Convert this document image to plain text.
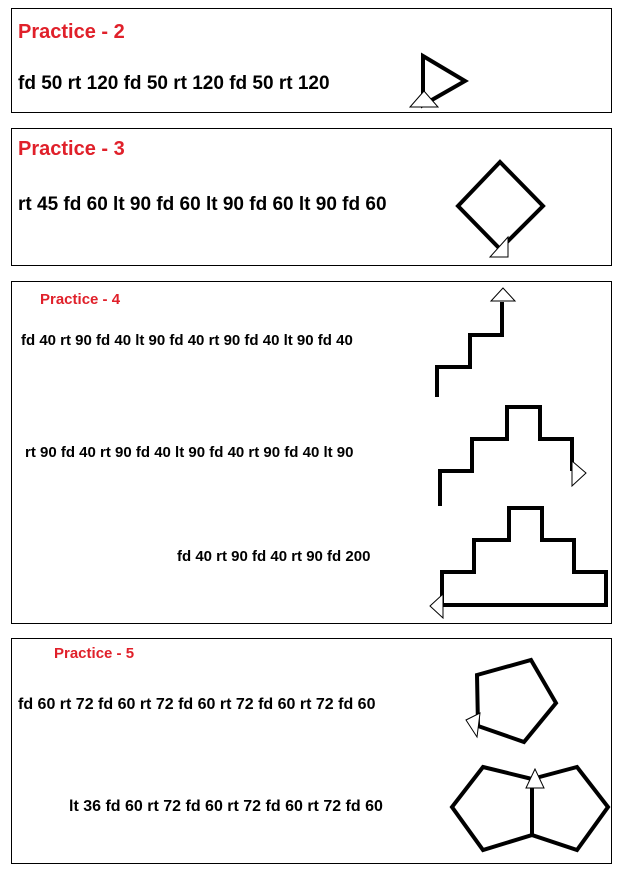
Practice - 2
fd 50 rt 120 fd 50 rt 120 fd 50 rt 120
Practice - 3
rt 45 fd 60 lt 90 fd 60 lt 90 fd 60 lt 90 fd 60
Practice - 4
fd 40 rt 90 fd 40 lt 90 fd 40 rt 90 fd 40 lt 90 fd 40
rt 90 fd 40 rt 90 fd 40 lt 90 fd 40 rt 90 fd 40 lt 90
fd 40 rt 90 fd 40 rt 90 fd 200
Practice - 5
fd 60 rt 72 fd 60 rt 72 fd 60 rt 72 fd 60 rt 72 fd 60
lt 36 fd 60 rt 72 fd 60 rt 72 fd 60 rt 72 fd 60
